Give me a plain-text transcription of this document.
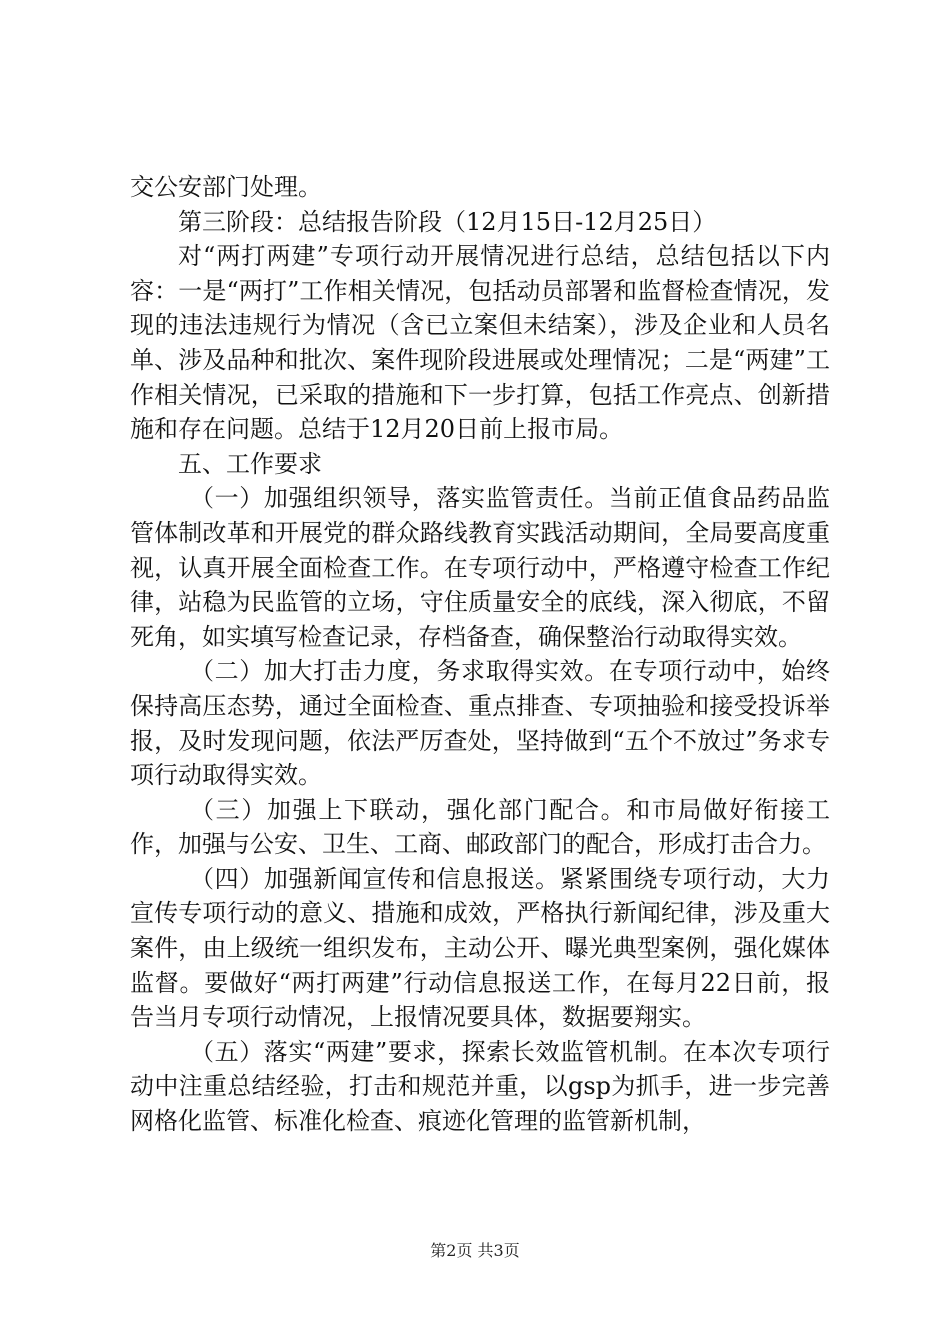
交公安部门处理。

第三阶段：总结报告阶段（12月15日-12月25日）

对“两打两建”专项行动开展情况进行总结，总结包括以下内容：一是“两打”工作相关情况，包括动员部署和监督检查情况，发现的违法违规行为情况（含已立案但未结案），涉及企业和人员名单、涉及品种和批次、案件现阶段进展或处理情况；二是“两建”工作相关情况，已采取的措施和下一步打算，包括工作亮点、创新措施和存在问题。总结于12月20日前上报市局。

五、工作要求

（一）加强组织领导，落实监管责任。当前正值食品药品监管体制改革和开展党的群众路线教育实践活动期间，全局要高度重视，认真开展全面检查工作。在专项行动中，严格遵守检查工作纪律，站稳为民监管的立场，守住质量安全的底线，深入彻底，不留死角，如实填写检查记录，存档备查，确保整治行动取得实效。

（二）加大打击力度，务求取得实效。在专项行动中，始终保持高压态势，通过全面检查、重点排查、专项抽验和接受投诉举报，及时发现问题，依法严厉查处，坚持做到“五个不放过”务求专项行动取得实效。

（三）加强上下联动，强化部门配合。和市局做好衔接工作，加强与公安、卫生、工商、邮政部门的配合，形成打击合力。

（四）加强新闻宣传和信息报送。紧紧围绕专项行动，大力宣传专项行动的意义、措施和成效，严格执行新闻纪律，涉及重大案件，由上级统一组织发布，主动公开、曝光典型案例，强化媒体监督。要做好“两打两建”行动信息报送工作，在每月22日前，报告当月专项行动情况，上报情况要具体，数据要翔实。

（五）落实“两建”要求，探索长效监管机制。在本次专项行动中注重总结经验，打击和规范并重，以gsp为抓手，进一步完善网格化监管、标准化检查、痕迹化管理的监管新机制，

第2页 共3页
